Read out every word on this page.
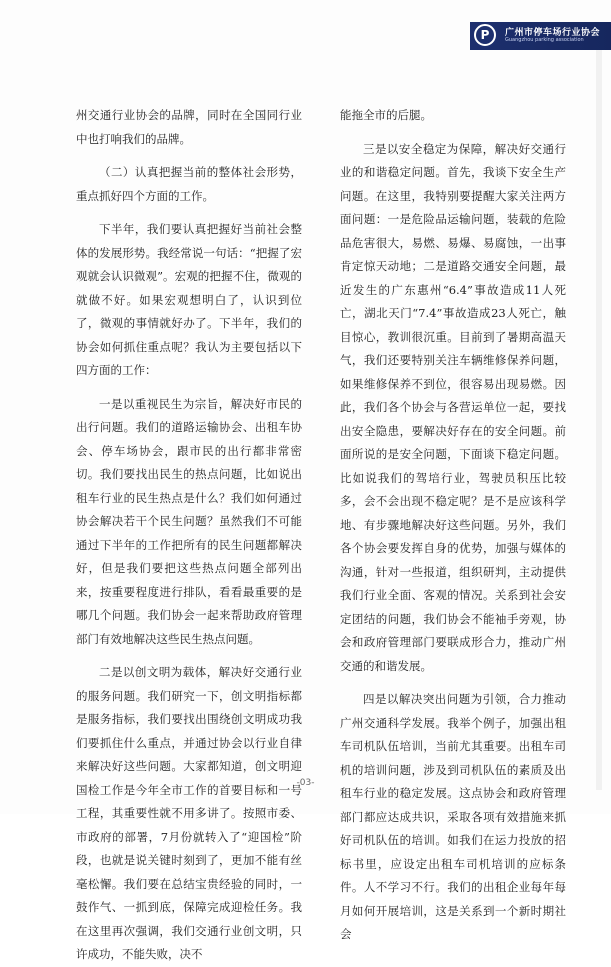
P	广州市停车场行业协会
Guangzhou parking association

州交通行业协会的品牌，同时在全国同行业中也打响我们的品牌。

（二）认真把握当前的整体社会形势，重点抓好四个方面的工作。

下半年，我们要认真把握好当前社会整体的发展形势。我经常说一句话：“把握了宏观就会认识微观”。宏观的把握不住，微观的就做不好。如果宏观想明白了，认识到位了，微观的事情就好办了。下半年，我们的协会如何抓住重点呢？我认为主要包括以下四方面的工作：

一是以重视民生为宗旨，解决好市民的出行问题。我们的道路运输协会、出租车协会、停车场协会，跟市民的出行都非常密切。我们要找出民生的热点问题，比如说出租车行业的民生热点是什么？我们如何通过协会解决若干个民生问题？虽然我们不可能通过下半年的工作把所有的民生问题都解决好，但是我们要把这些热点问题全部列出来，按重要程度进行排队，看看最重要的是哪几个问题。我们协会一起来帮助政府管理部门有效地解决这些民生热点问题。

二是以创文明为载体，解决好交通行业的服务问题。我们研究一下，创文明指标都是服务指标，我们要找出围绕创文明成功我们要抓住什么重点，并通过协会以行业自律来解决好这些问题。大家都知道，创文明迎国检工作是今年全市工作的首要目标和一号工程，其重要性就不用多讲了。按照市委、市政府的部署，7月份就转入了“迎国检”阶段，也就是说关键时刻到了，更加不能有丝毫松懈。我们要在总结宝贵经验的同时，一鼓作气、一抓到底，保障完成迎检任务。我在这里再次强调，我们交通行业创文明，只许成功，不能失败，决不

能拖全市的后腿。

三是以安全稳定为保障，解决好交通行业的和谐稳定问题。首先，我谈下安全生产问题。在这里，我特别要提醒大家关注两方面问题：一是危险品运输问题，装载的危险品危害很大，易燃、易爆、易腐蚀，一出事肯定惊天动地；二是道路交通安全问题，最近发生的广东惠州“6.4”事故造成11人死亡，湖北天门“7.4”事故造成23人死亡，触目惊心，教训很沉重。目前到了暑期高温天气，我们还要特别关注车辆维修保养问题，如果维修保养不到位，很容易出现易燃。因此，我们各个协会与各营运单位一起，要找出安全隐患，要解决好存在的安全问题。前面所说的是安全问题，下面谈下稳定问题。比如说我们的驾培行业，驾驶员积压比较多，会不会出现不稳定呢？是不是应该科学地、有步骤地解决好这些问题。另外，我们各个协会要发挥自身的优势，加强与媒体的沟通，针对一些报道，组织研判，主动提供我们行业全面、客观的情况。关系到社会安定团结的问题，我们协会不能袖手旁观，协会和政府管理部门要联成形合力，推动广州交通的和谐发展。

四是以解决突出问题为引领，合力推动广州交通科学发展。我举个例子，加强出租车司机队伍培训，当前尤其重要。出租车司机的培训问题，涉及到司机队伍的素质及出租车行业的稳定发展。这点协会和政府管理部门都应达成共识，采取各项有效措施来抓好司机队伍的培训。如我们在运力投放的招标书里，应设定出租车司机培训的应标条件。人不学习不行。我们的出租企业每年每月如何开展培训，这是关系到一个新时期社会

-03-
